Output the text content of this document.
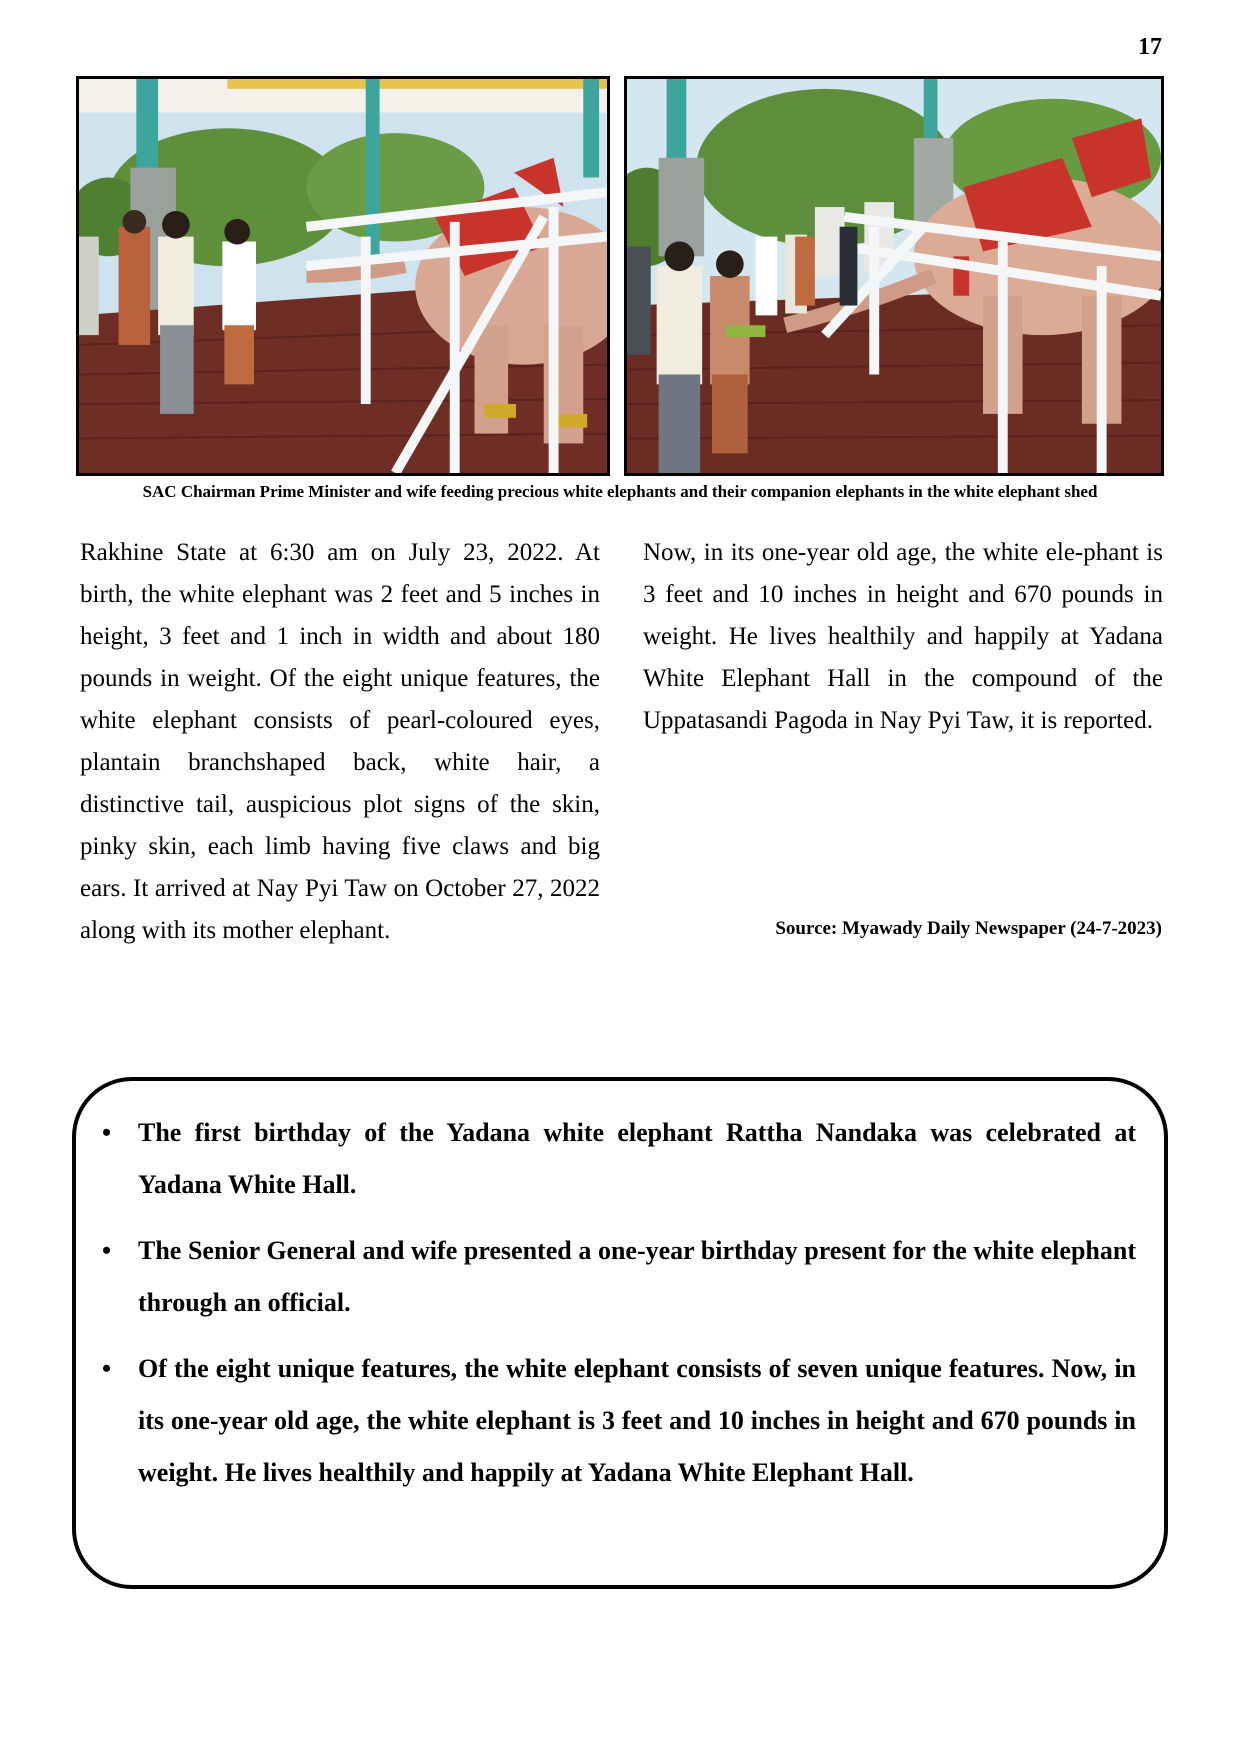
17
SAC Chairman Prime Minister and wife feeding precious white elephants and their companion elephants in the white elephant shed
Rakhine State at 6:30 am on July 23, 2022. At birth, the white elephant was 2 feet and 5 inches in height, 3 feet and 1 inch in width and about 180 pounds in weight. Of the eight unique features, the white elephant consists of pearl-coloured eyes, plantain branchshaped back, white hair, a distinctive tail, auspicious plot signs of the skin, pinky skin, each limb having five claws and big ears. It arrived at Nay Pyi Taw on October 27, 2022 along with its mother elephant.
Now, in its one-year old age, the white ele-phant is 3 feet and 10 inches in height and 670 pounds in weight. He lives healthily and happily at Yadana White Elephant Hall in the compound of the Uppatasandi Pagoda in Nay Pyi Taw, it is reported.
Source: Myawady Daily Newspaper (24-7-2023)
• The first birthday of the Yadana white elephant Rattha Nandaka was celebrated at Yadana White Hall.
• The Senior General and wife presented a one-year birthday present for the white elephant through an official.
• Of the eight unique features, the white elephant consists of seven unique features. Now, in its one-year old age, the white elephant is 3 feet and 10 inches in height and 670 pounds in weight. He lives healthily and happily at Yadana White Elephant Hall.
